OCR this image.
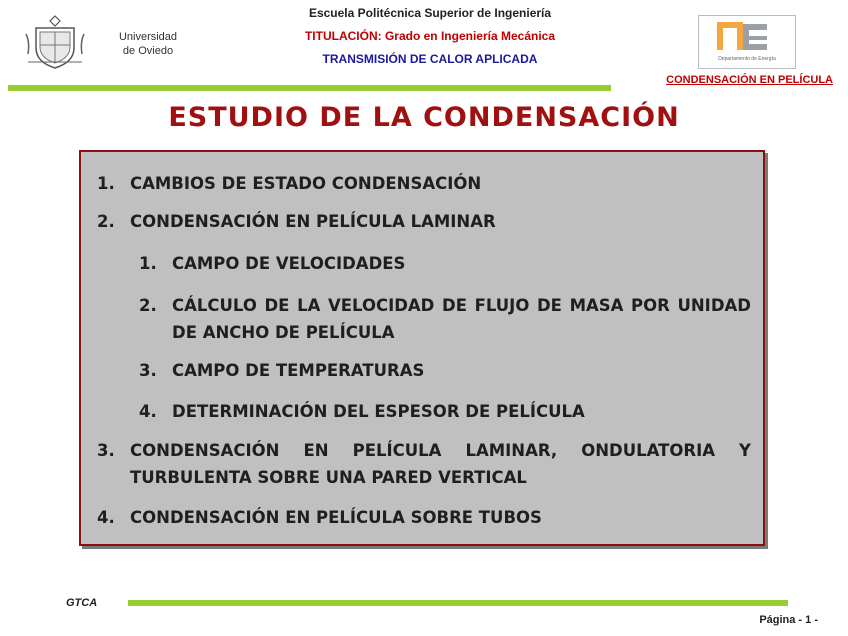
Universidad
de Oviedo
Escuela Politécnica Superior de Ingeniería
TITULACIÓN: Grado en Ingeniería Mecánica
TRANSMISIÓN DE CALOR APLICADA	Departamento de Energía
CONDENSACIÓN EN PELÍCULA
ESTUDIO DE LA CONDENSACIÓN
1. CAMBIOS DE ESTADO CONDENSACIÓN
2. CONDENSACIÓN EN PELÍCULA LAMINAR
1. CAMPO DE VELOCIDADES
2. CÁLCULO DE LA VELOCIDAD DE FLUJO DE MASA POR UNIDAD DE ANCHO DE PELÍCULA
3. CAMPO DE TEMPERATURAS
4. DETERMINACIÓN DEL ESPESOR DE PELÍCULA
3. CONDENSACIÓN EN PELÍCULA LAMINAR, ONDULATORIA Y TURBULENTA SOBRE UNA PARED VERTICAL
4. CONDENSACIÓN EN PELÍCULA SOBRE TUBOS
GTCA
Página - 1 -
